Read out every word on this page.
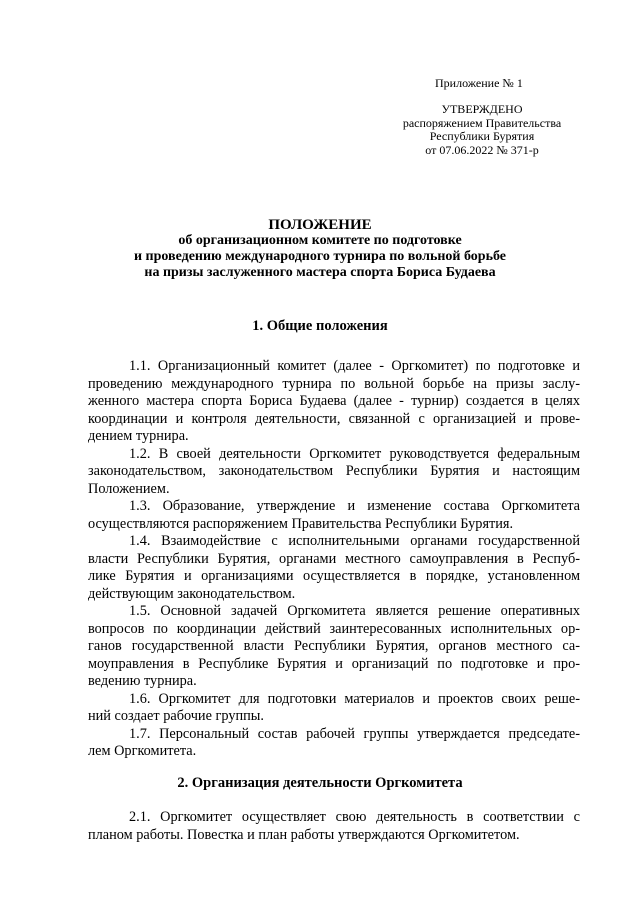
Приложение № 1
УТВЕРЖДЕНО
распоряжением Правительства
Республики Бурятия
от 07.06.2022 № 371-р
ПОЛОЖЕНИЕ
об организационном комитете по подготовке
и проведению международного турнира по вольной борьбе
на призы заслуженного мастера спорта Бориса Будаева
1. Общие положения
1.1. Организационный комитет (далее - Оргкомитет) по подготовке и
проведению международного турнира по вольной борьбе на призы заслу-
женного мастера спорта Бориса Будаева (далее - турнир) создается в целях
координации и контроля деятельности, связанной с организацией и прове-
дением турнира.
1.2. В своей деятельности Оргкомитет руководствуется федеральным
законодательством, законодательством Республики Бурятия и настоящим
Положением.
1.3. Образование, утверждение и изменение состава Оргкомитета
осуществляются распоряжением Правительства Республики Бурятия.
1.4. Взаимодействие с исполнительными органами государственной
власти Республики Бурятия, органами местного самоуправления в Респуб-
лике Бурятия и организациями осуществляется в порядке, установленном
действующим законодательством.
1.5. Основной задачей Оргкомитета является решение оперативных
вопросов по координации действий заинтересованных исполнительных ор-
ганов государственной власти Республики Бурятия, органов местного са-
моуправления в Республике Бурятия и организаций по подготовке и про-
ведению турнира.
1.6. Оргкомитет для подготовки материалов и проектов своих реше-
ний создает рабочие группы.
1.7. Персональный состав рабочей группы утверждается председате-
лем Оргкомитета.
2. Организация деятельности Оргкомитета
2.1. Оргкомитет осуществляет свою деятельность в соответствии с
планом работы. Повестка и план работы утверждаются Оргкомитетом.
